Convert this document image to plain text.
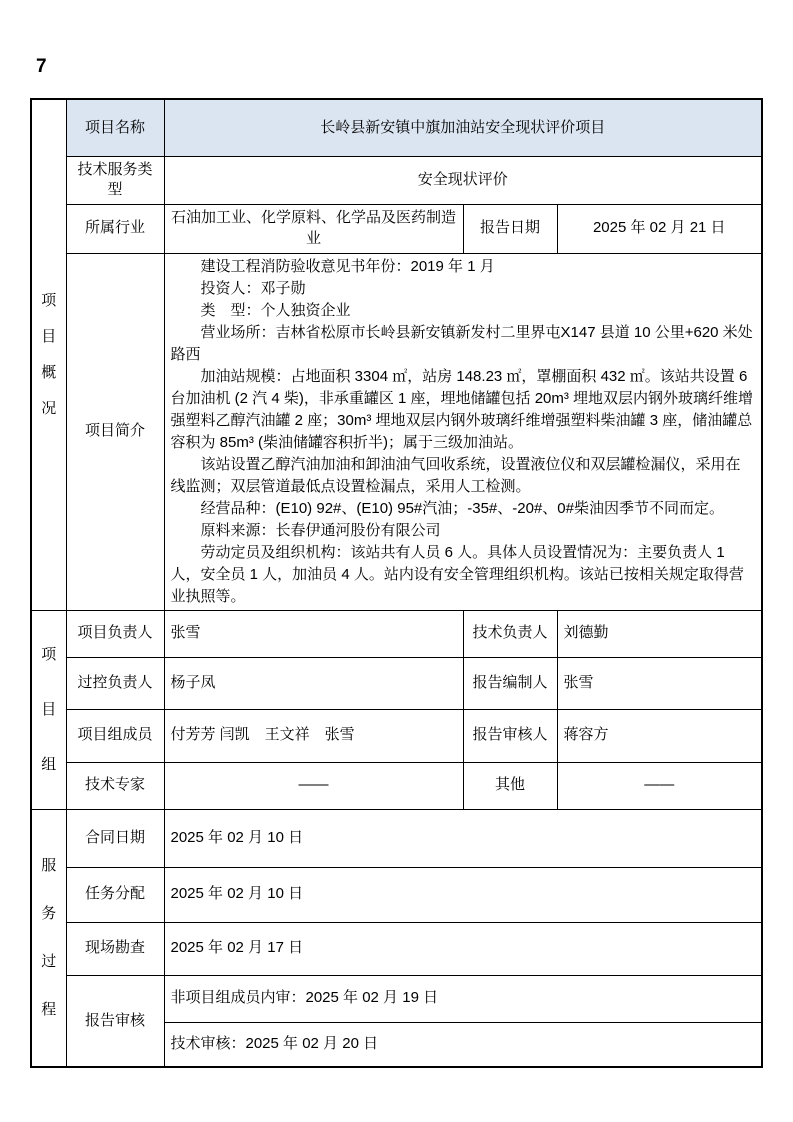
7
项目概况	项目名称	长岭县新安镇中旗加油站安全现状评价项目		
	技术服务类型	安全现状评价		
	所属行业	石油加工业、化学原料、化学品及医药制造业	报告日期	2025 年 02 月 21 日
项目简介	

建设工程消防验收意见书年份：2019 年 1 月

投资人：邓子勋

类　型：个人独资企业

营业场所：吉林省松原市长岭县新安镇新发村二里界屯X147 县道 10 公里+620 米处路西

加油站规模：占地面积 3304 ㎡，站房 148.23 ㎡，罩棚面积 432 ㎡。该站共设置 6 台加油机 (2 汽 4 柴)，非承重罐区 1 座，埋地储罐包括 20m³ 埋地双层内钢外玻璃纤维增强塑料乙醇汽油罐 2 座；30m³ 埋地双层内钢外玻璃纤维增强塑料柴油罐 3 座，储油罐总容积为 85m³ (柴油储罐容积折半)；属于三级加油站。

该站设置乙醇汽油加油和卸油油气回收系统，设置液位仪和双层罐检漏仪，采用在线监测；双层管道最低点设置检漏点，采用人工检测。

经营品种：(E10) 92#、(E10) 95#汽油；-35#、-20#、0#柴油因季节不同而定。

原料来源：长春伊通河股份有限公司

劳动定员及组织机构：该站共有人员 6 人。具体人员设置情况为：主要负责人 1 人，安全员 1 人，加油员 4 人。站内设有安全管理组织机构。该站已按相关规定取得营业执照等。

项目组	项目负责人	张雪	技术负责人	刘德勤
	过控负责人	杨子凤	报告编制人	张雪
	项目组成员	付芳芳 闫凯　王文祥　张雪	报告审核人	蒋容方
	技术专家	——	其他	——

服务过程	合同日期	2025 年 02 月 10 日		
	任务分配	2025 年 02 月 10 日		
	现场勘查	2025 年 02 月 17 日		
	报告审核	非项目组成员内审：2025 年 02 月 19 日		
		技术审核：2025 年 02 月 20 日		
